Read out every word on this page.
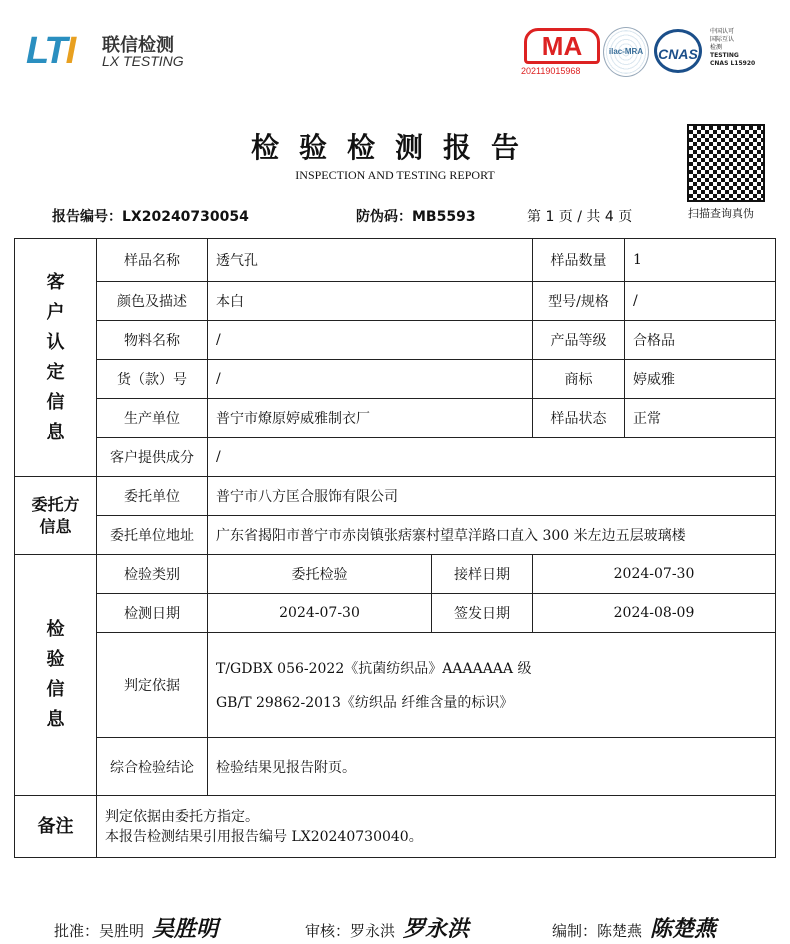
LTI 联信检测
LX TESTING	MA
202119015968
ilac-MRA	CNAS
中国认可
国际互认
检测
TESTING
CNAS L15920
检验检测报告
INSPECTION AND TESTING REPORT
扫描查询真伪
报告编号：LX20240730054	防伪码：MB5593	第 1 页 / 共 4 页
客户认定信息	样品名称	透气孔		样品数量	1
	颜色及描述	本白		型号/规格	/
	物料名称	/		产品等级	合格品
	货（款）号	/		商标	婷威雅
	生产单位	普宁市燎原婷威雅制衣厂		样品状态	正常
	客户提供成分	/			

委托方信息	委托单位	普宁市八方匡合服饰有限公司			
	委托单位地址	广东省揭阳市普宁市赤岗镇张痞寨村望草洋路口直入 300 米左边五层玻璃楼			

检验信息	检验类别	委托检验	接样日期	2024-07-30	
	检测日期	2024-07-30	签发日期	2024-08-09	
	判定依据	T/GDBX 056-2022《抗菌纺织品》AAAAAAA 级
GB/T 29862-2013《纺织品 纤维含量的标识》			

	综合检验结论	检验结果见报告附页。			
备注	判定依据由委托方指定。
本报告检测结果引用报告编号 LX20240730040。				
批准：吴胜明 吴胜明	审核：罗永洪 罗永洪	编制：陈楚燕 陈楚燕
